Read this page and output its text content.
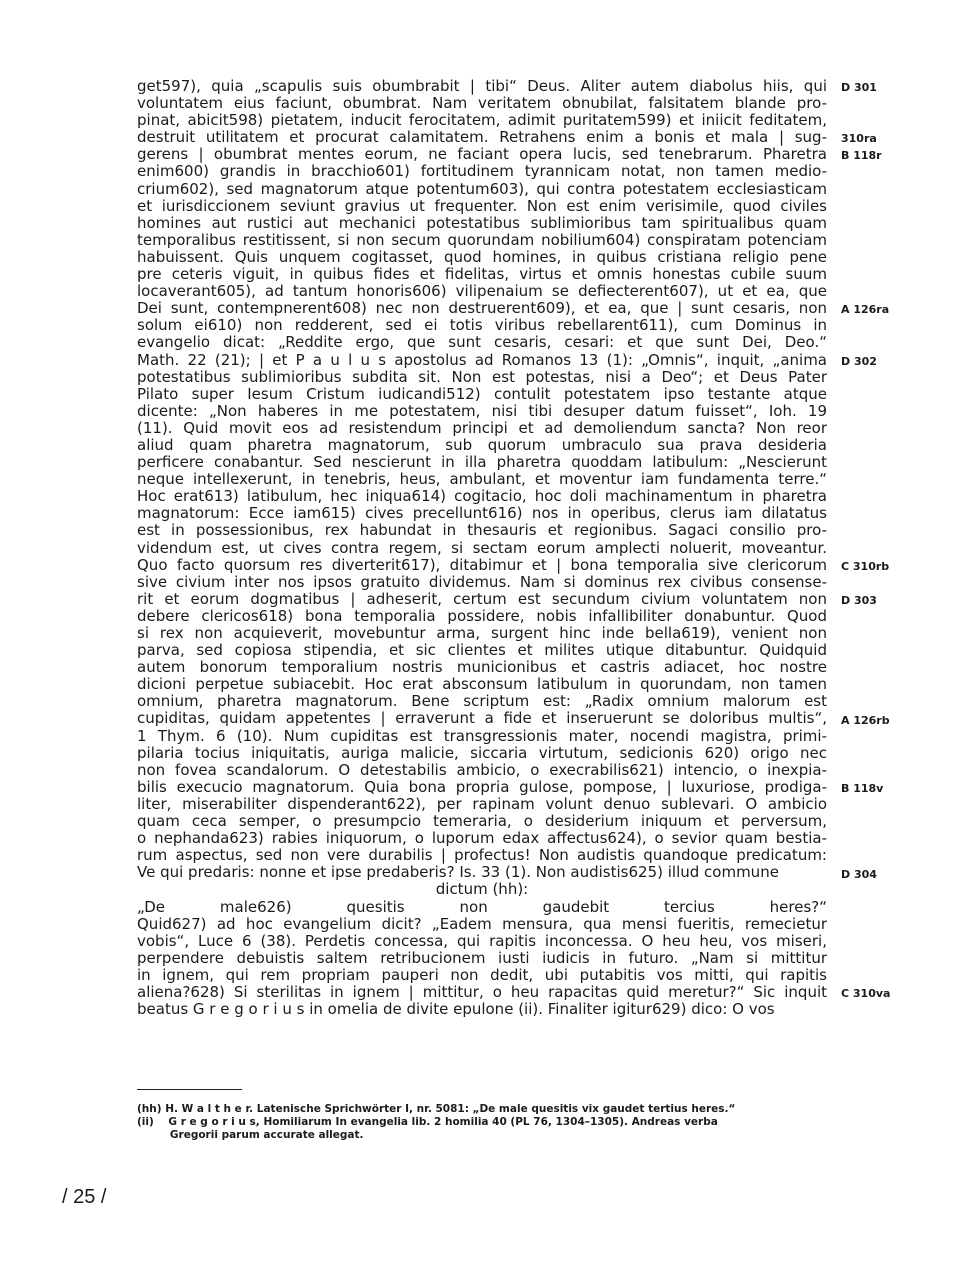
get597), quia „scapulis suis obumbrabit | tibi“ Deus. Aliter autem diabolus hiis, qui
voluntatem eius faciunt, obumbrat. Nam veritatem obnubilat, falsitatem blande pro-
pinat, abicit598) pietatem, inducit ferocitatem, adimit puritatem599) et iniicit feditatem,
destruit utilitatem et procurat calamitatem. Retrahens enim a bonis et mala | sug-
gerens | obumbrat mentes eorum, ne faciant opera lucis, sed tenebrarum. Pharetra
enim600) grandis in bracchio601) fortitudinem tyrannicam notat, non tamen medio-
crium602), sed magnatorum atque potentum603), qui contra potestatem ecclesiasticam
et iurisdiccionem seviunt gravius ut frequenter. Non est enim verisimile, quod civiles
homines aut rustici aut mechanici potestatibus sublimioribus tam spiritualibus quam
temporalibus restitissent, si non secum quorundam nobilium604) conspiratam potenciam
habuissent. Quis unquem cogitasset, quod homines, in quibus cristiana religio pene
pre ceteris viguit, in quibus fides et fidelitas, virtus et omnis honestas cubile suum
locaverant605), ad tantum honoris606) vilipenaium se defiecterent607), ut et ea, que
Dei sunt, contempnerent608) nec non destruerent609), et ea, que | sunt cesaris, non
solum ei610) non redderent, sed ei totis viribus rebellarent611), cum Dominus in
evangelio dicat: „Reddite ergo, que sunt cesaris, cesari: et que sunt Dei, Deo.“
Math. 22 (21); | et P a u l u s apostolus ad Romanos 13 (1): „Omnis“, inquit, „anima
potestatibus sublimioribus subdita sit. Non est potestas, nisi a Deo“; et Deus Pater
Pilato super Iesum Cristum iudicandi512) contulit potestatem ipso testante atque
dicente: „Non haberes in me potestatem, nisi tibi desuper datum fuisset“, Ioh. 19
(11). Quid movit eos ad resistendum principi et ad demoliendum sancta? Non reor
aliud quam pharetra magnatorum, sub quorum umbraculo sua prava desideria
perficere conabantur. Sed nescierunt in illa pharetra quoddam latibulum: „Nescierunt
neque intellexerunt, in tenebris, heus, ambulant, et moventur iam fundamenta terre.“
Hoc erat613) latibulum, hec iniqua614) cogitacio, hoc doli machinamentum in pharetra
magnatorum: Ecce iam615) cives precellunt616) nos in operibus, clerus iam dilatatus
est in possessionibus, rex habundat in thesauris et regionibus. Sagaci consilio pro-
videndum est, ut cives contra regem, si sectam eorum amplecti noluerit, moveantur.
Quo facto quorsum res diverterit617), ditabimur et | bona temporalia sive clericorum
sive civium inter nos ipsos gratuito dividemus. Nam si dominus rex civibus consense-
rit et eorum dogmatibus | adheserit, certum est secundum civium voluntatem non
debere clericos618) bona temporalia possidere, nobis infallibiliter donabuntur. Quod
si rex non acquieverit, movebuntur arma, surgent hinc inde bella619), venient non
parva, sed copiosa stipendia, et sic clientes et milites utique ditabuntur. Quidquid
autem bonorum temporalium nostris municionibus et castris adiacet, hoc nostre
dicioni perpetue subiacebit. Hoc erat absconsum latibulum in quorundam, non tamen
omnium, pharetra magnatorum. Bene scriptum est: „Radix omnium malorum est
cupiditas, quidam appetentes | erraverunt a fide et inseruerunt se doloribus multis“,
1 Thym. 6 (10). Num cupiditas est transgressionis mater, nocendi magistra, primi-
pilaria tocius iniquitatis, auriga malicie, siccaria virtutum, sedicionis 620) origo nec
non fovea scandalorum. O detestabilis ambicio, o execrabilis621) intencio, o inexpia-
bilis execucio magnatorum. Quia bona propria gulose, pompose, | luxuriose, prodiga-
liter, miserabiliter dispenderant622), per rapinam volunt denuo sublevari. O ambicio
quam ceca semper, o presumpcio temeraria, o desiderium iniquum et perversum,
o nephanda623) rabies iniquorum, o luporum edax affectus624), o sevior quam bestia-
rum aspectus, sed non vere durabilis | profectus! Non audistis quandoque predicatum:
Ve qui predaris: nonne et ipse predaberis? Is. 33 (1). Non audistis625) illud commune
dictum (hh):
„De male626) quesitis non gaudebit tercius heres?“
Quid627) ad hoc evangelium dicit? „Eadem mensura, qua mensi fueritis, remecietur
vobis“, Luce 6 (38). Perdetis concessa, qui rapitis inconcessa. O heu heu, vos miseri,
perpendere debuistis saltem retribucionem iusti iudicis in futuro. „Nam si mittitur
in ignem, qui rem propriam pauperi non dedit, ubi putabitis vos mitti, qui rapitis
aliena?628) Si sterilitas in ignem | mittitur, o heu rapacitas quid meretur?“ Sic inquit
beatus G r e g o r i u s in omelia de divite epulone (ii). Finaliter igitur629) dico: O vos
D 301
310ra
B 118r
A 126ra
D 302
C 310rb
D 303
A 126rb
B 118v
D 304
C 310va
(hh) H. W a l t h e r. Latenische Sprichwörter I, nr. 5081: „De male quesitis vix gaudet tertius heres.“
(ii)    G r e g o r i u s, Homiliarum In evangelia lib. 2 homilia 40 (PL 76, 1304–1305). Andreas verba
Gregorii parum accurate allegat.
/ 25 /
